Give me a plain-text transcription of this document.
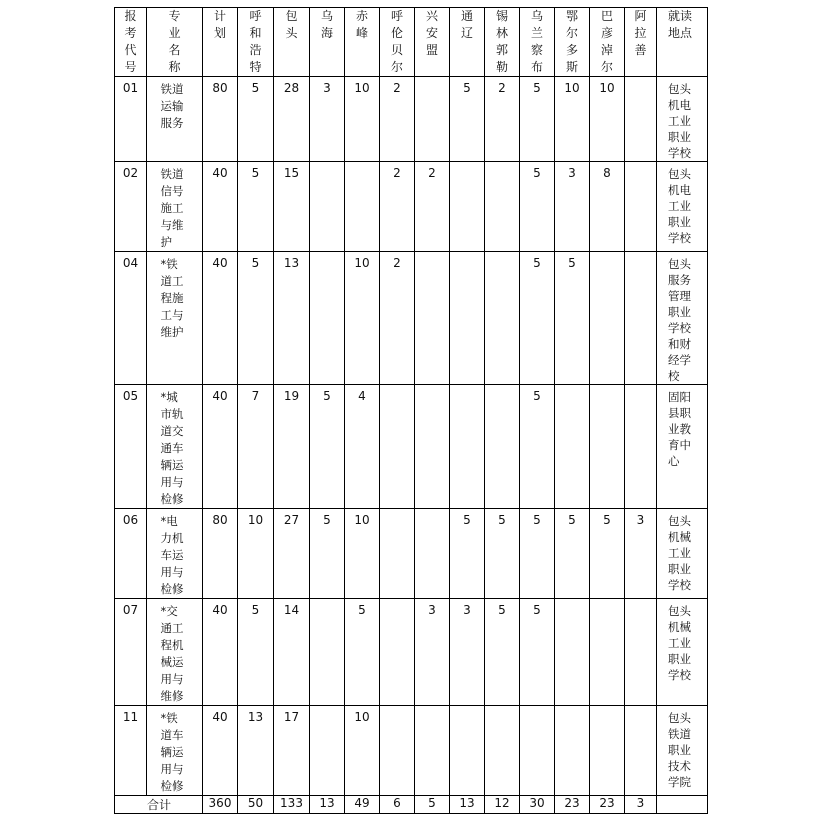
报考代号	专业名称	计划	呼和浩特	包头	乌海	赤峰	呼伦贝尔	兴安盟	通辽	锡林郭勒	乌兰察布	鄂尔多斯	巴彦淖尔	阿拉善	就读地点

01	铁道运输服务	80	5	28	3	10	2		5	2	5	10	10		包头机电工业职业学校

02	铁道信号施工与维护	40	5	15			2	2			5	3	8		包头机电工业职业学校

04	*铁道工程施工与维护	40	5	13		10	2				5	5			包头服务管理职业学校和财经学校

05	*城市轨道交通车辆运用与检修	40	7	19	5	4					5				固阳县职业教育中心

06	*电力机车运用与检修	80	10	27	5	10			5	5	5	5	5	3	包头机械工业职业学校

07	*交通工程机械运用与维修	40	5	14		5		3	3	5	5				包头机械工业职业学校

11	*铁道车辆运用与检修	40	13	17		10									包头铁道职业技术学院

合计		360	50	133	13	49	6	5	13	12	30	23	23	3	
